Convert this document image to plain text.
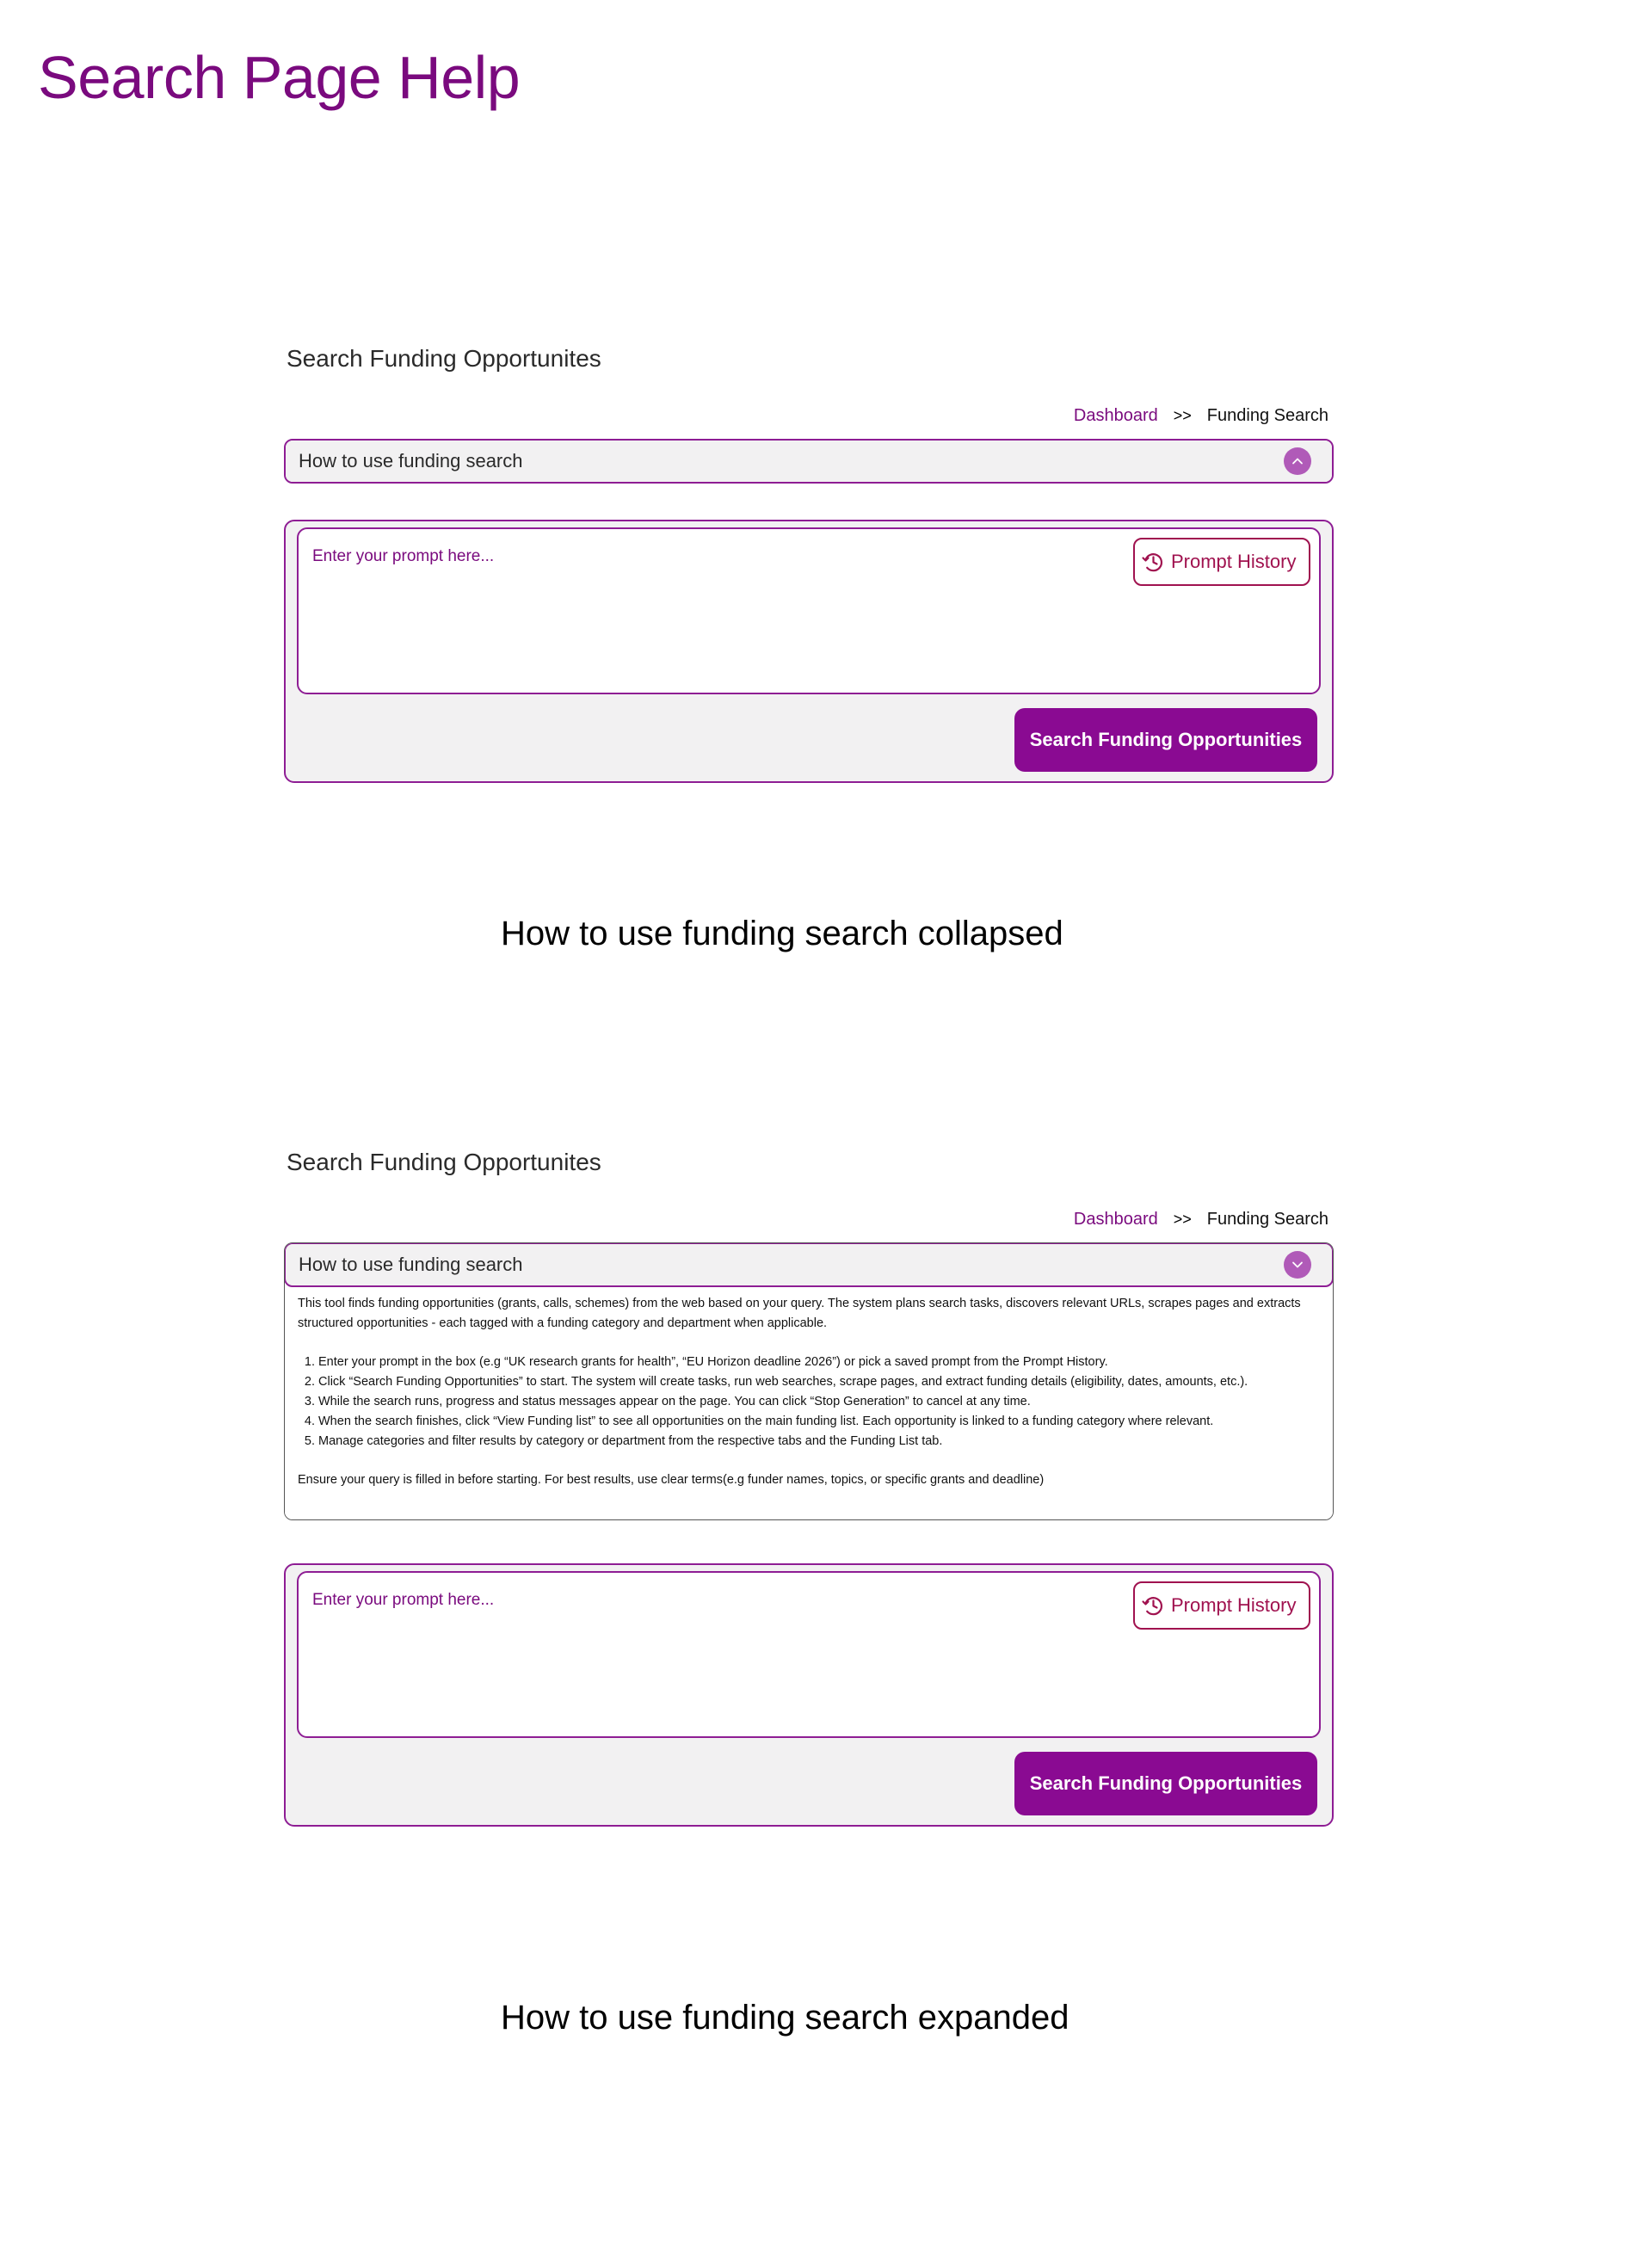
Search Page Help
Search Funding Opportunites
Dashboard >> Funding Search
How to use funding search
Enter your prompt here...
Prompt History
Search Funding Opportunities
How to use funding search collapsed
Search Funding Opportunites
Dashboard >> Funding Search
How to use funding search

This tool finds funding opportunities (grants, calls, schemes) from the web based on your query. The system plans search tasks, discovers relevant URLs, scrapes pages and extracts structured opportunities - each tagged with a funding category and department when applicable.

1. Enter your prompt in the box (e.g “UK research grants for health”, “EU Horizon deadline 2026”) or pick a saved prompt from the Prompt History.
2. Click “Search Funding Opportunities” to start. The system will create tasks, run web searches, scrape pages, and extract funding details (eligibility, dates, amounts, etc.).
3. While the search runs, progress and status messages appear on the page. You can click “Stop Generation” to cancel at any time.
4. When the search finishes, click “View Funding list” to see all opportunities on the main funding list. Each opportunity is linked to a funding category where relevant.
5. Manage categories and filter results by category or department from the respective tabs and the Funding List tab.

Ensure your query is filled in before starting. For best results, use clear terms(e.g funder names, topics, or specific grants and deadline)

Enter your prompt here...
Prompt History
Search Funding Opportunities
How to use funding search expanded
